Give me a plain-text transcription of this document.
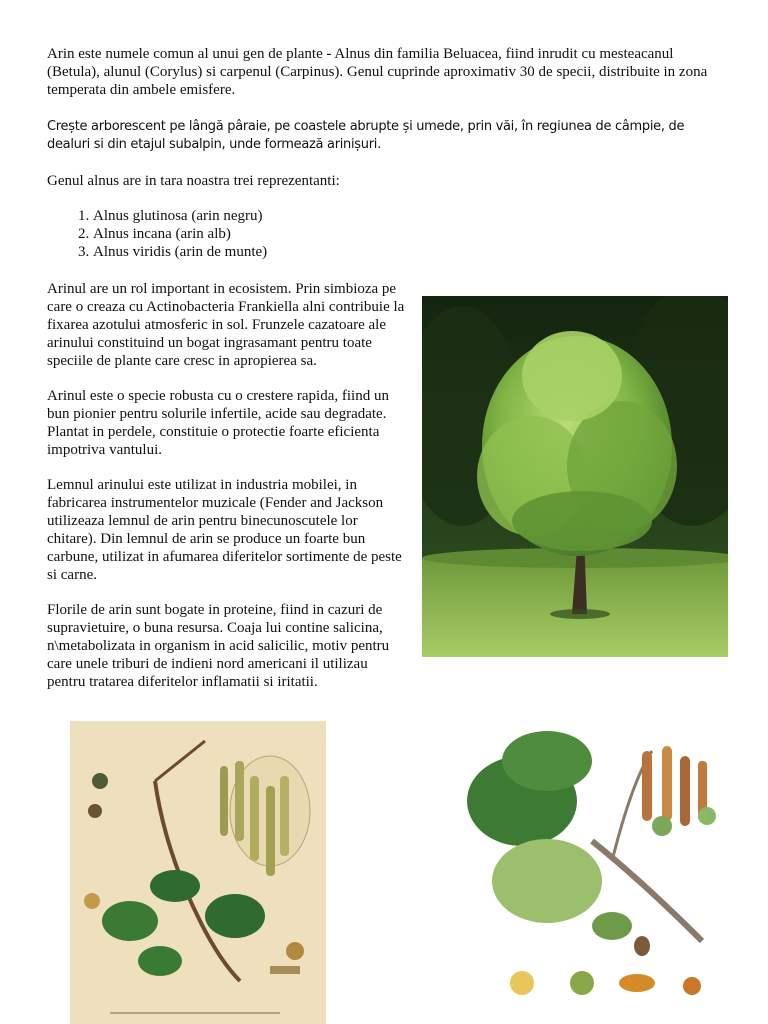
Arin este numele comun al unui gen de plante - Alnus din familia Beluacea, fiind inrudit cu mesteacanul (Betula), alunul (Corylus) si carpenul (Carpinus). Genul cuprinde aproximativ 30 de specii, distribuite in zona temperata din ambele emisfere.

Crește arborescent pe lângă pâraie, pe coastele abrupte și umede, prin văi, în regiunea de câmpie, de dealuri si din etajul subalpin, unde formează arinișuri.

Genul alnus are in tara noastra trei reprezentanti:

1. Alnus glutinosa (arin negru)
2. Alnus incana (arin alb)
3. Alnus viridis (arin de munte)

Arinul are un rol important in ecosistem. Prin simbioza pe care o creaza cu Actinobacteria Frankiella alni contribuie la fixarea azotului atmosferic in sol. Frunzele cazatoare ale arinului constituind un bogat ingrasamant pentru toate speciile de plante care cresc in apropierea sa.

Arinul este o specie robusta cu o crestere rapida, fiind un bun pionier pentru solurile infertile, acide sau degradate. Plantat in perdele, constituie o protectie foarte eficienta impotriva vantului.

Lemnul arinului este utilizat in industria mobilei, in fabricarea instrumentelor muzicale (Fender and Jackson utilizeaza lemnul de arin pentru binecunoscutele lor chitare). Din lemnul de arin se produce un foarte bun carbune, utilizat in afumarea diferitelor sortimente de peste si carne.

Florile de arin sunt bogate in proteine, fiind in cazuri de supravietuire, o buna resursa. Coaja lui contine salicina, n\metabolizata in organism in acid salicilic, motiv pentru care unele triburi de indieni nord americani il utilizau pentru tratarea diferitelor inflamatii si iritatii.
